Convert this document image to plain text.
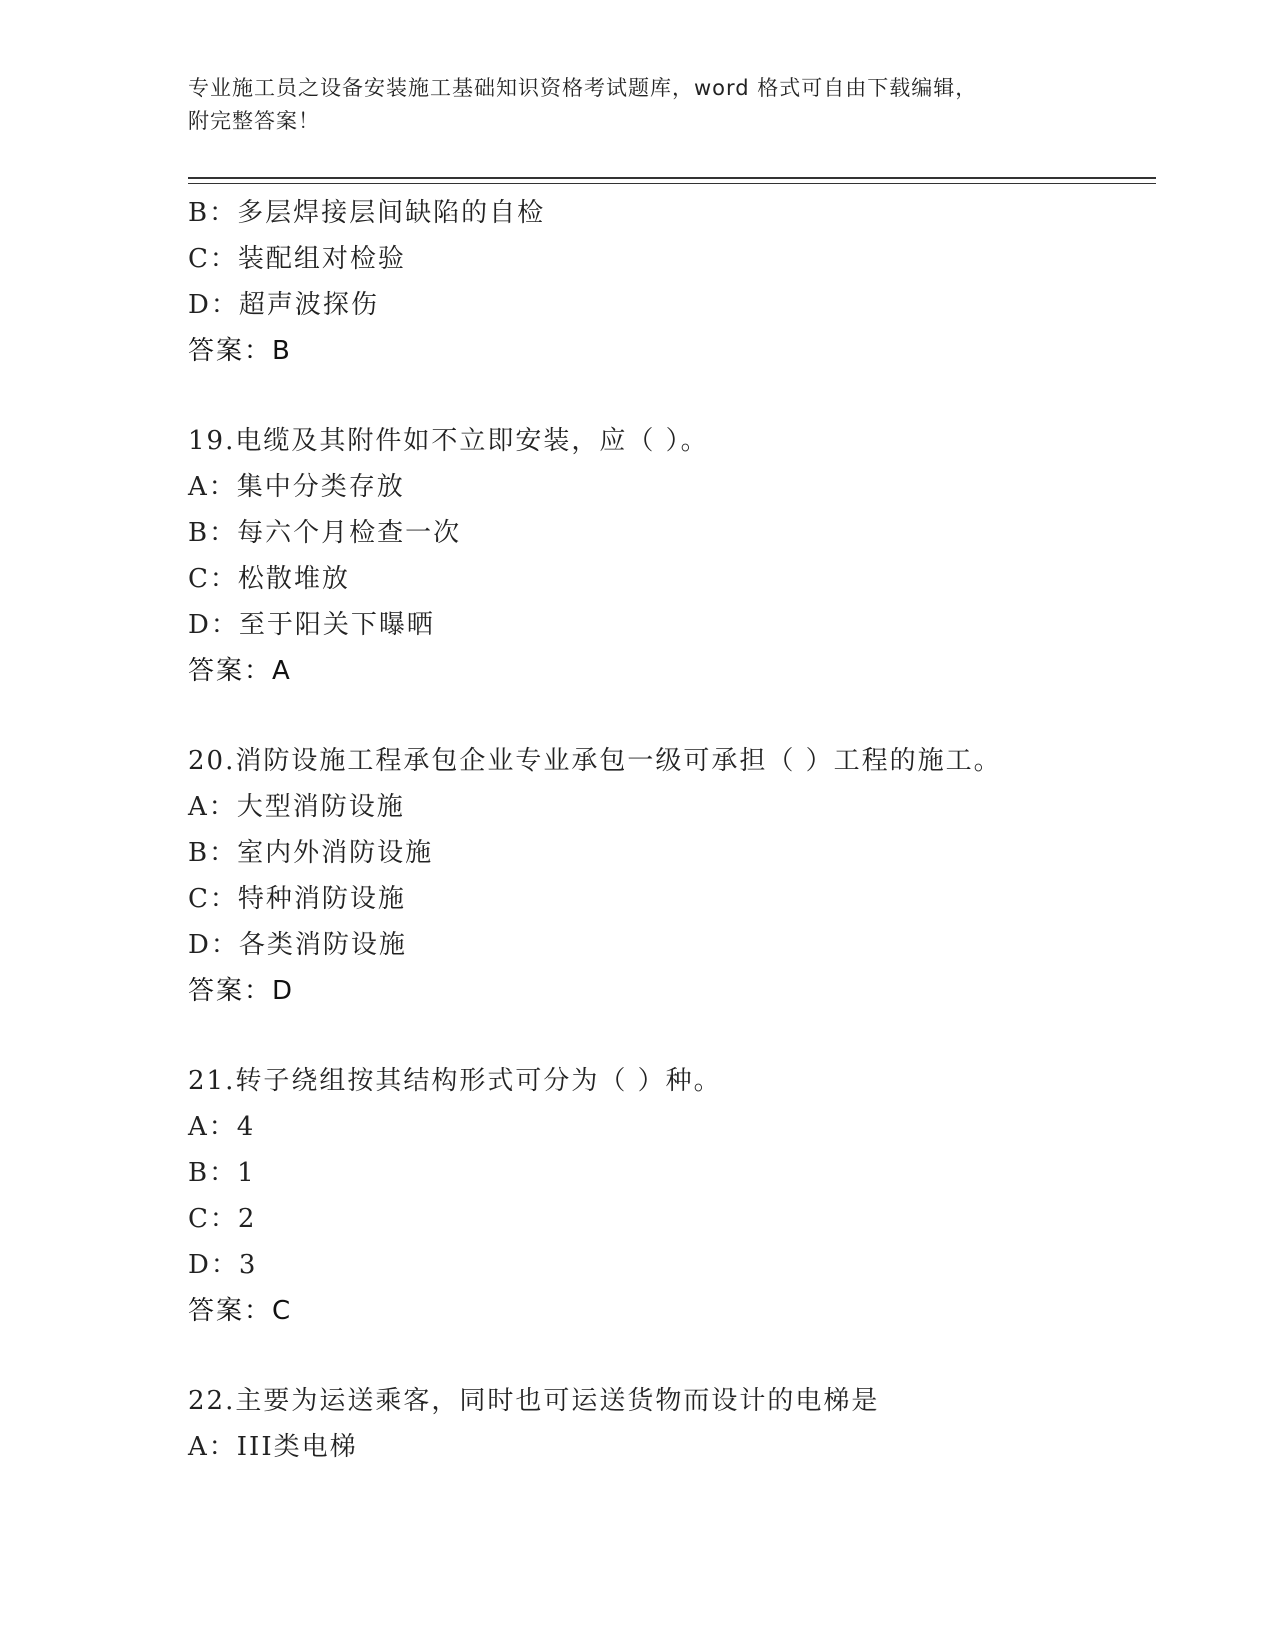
专业施工员之设备安装施工基础知识资格考试题库，word 格式可自由下载编辑，
附完整答案！
B：多层焊接层间缺陷的自检
C：装配组对检验
D：超声波探伤
答案：B
19.电缆及其附件如不立即安装，应（ ）。
A：集中分类存放
B：每六个月检查一次
C：松散堆放
D：至于阳关下曝晒
答案：A
20.消防设施工程承包企业专业承包一级可承担（ ）工程的施工。
A：大型消防设施
B：室内外消防设施
C：特种消防设施
D：各类消防设施
答案：D
21.转子绕组按其结构形式可分为（ ）种。
A：4
B：1
C：2
D：3
答案：C
22.主要为运送乘客，同时也可运送货物而设计的电梯是
A：III类电梯
